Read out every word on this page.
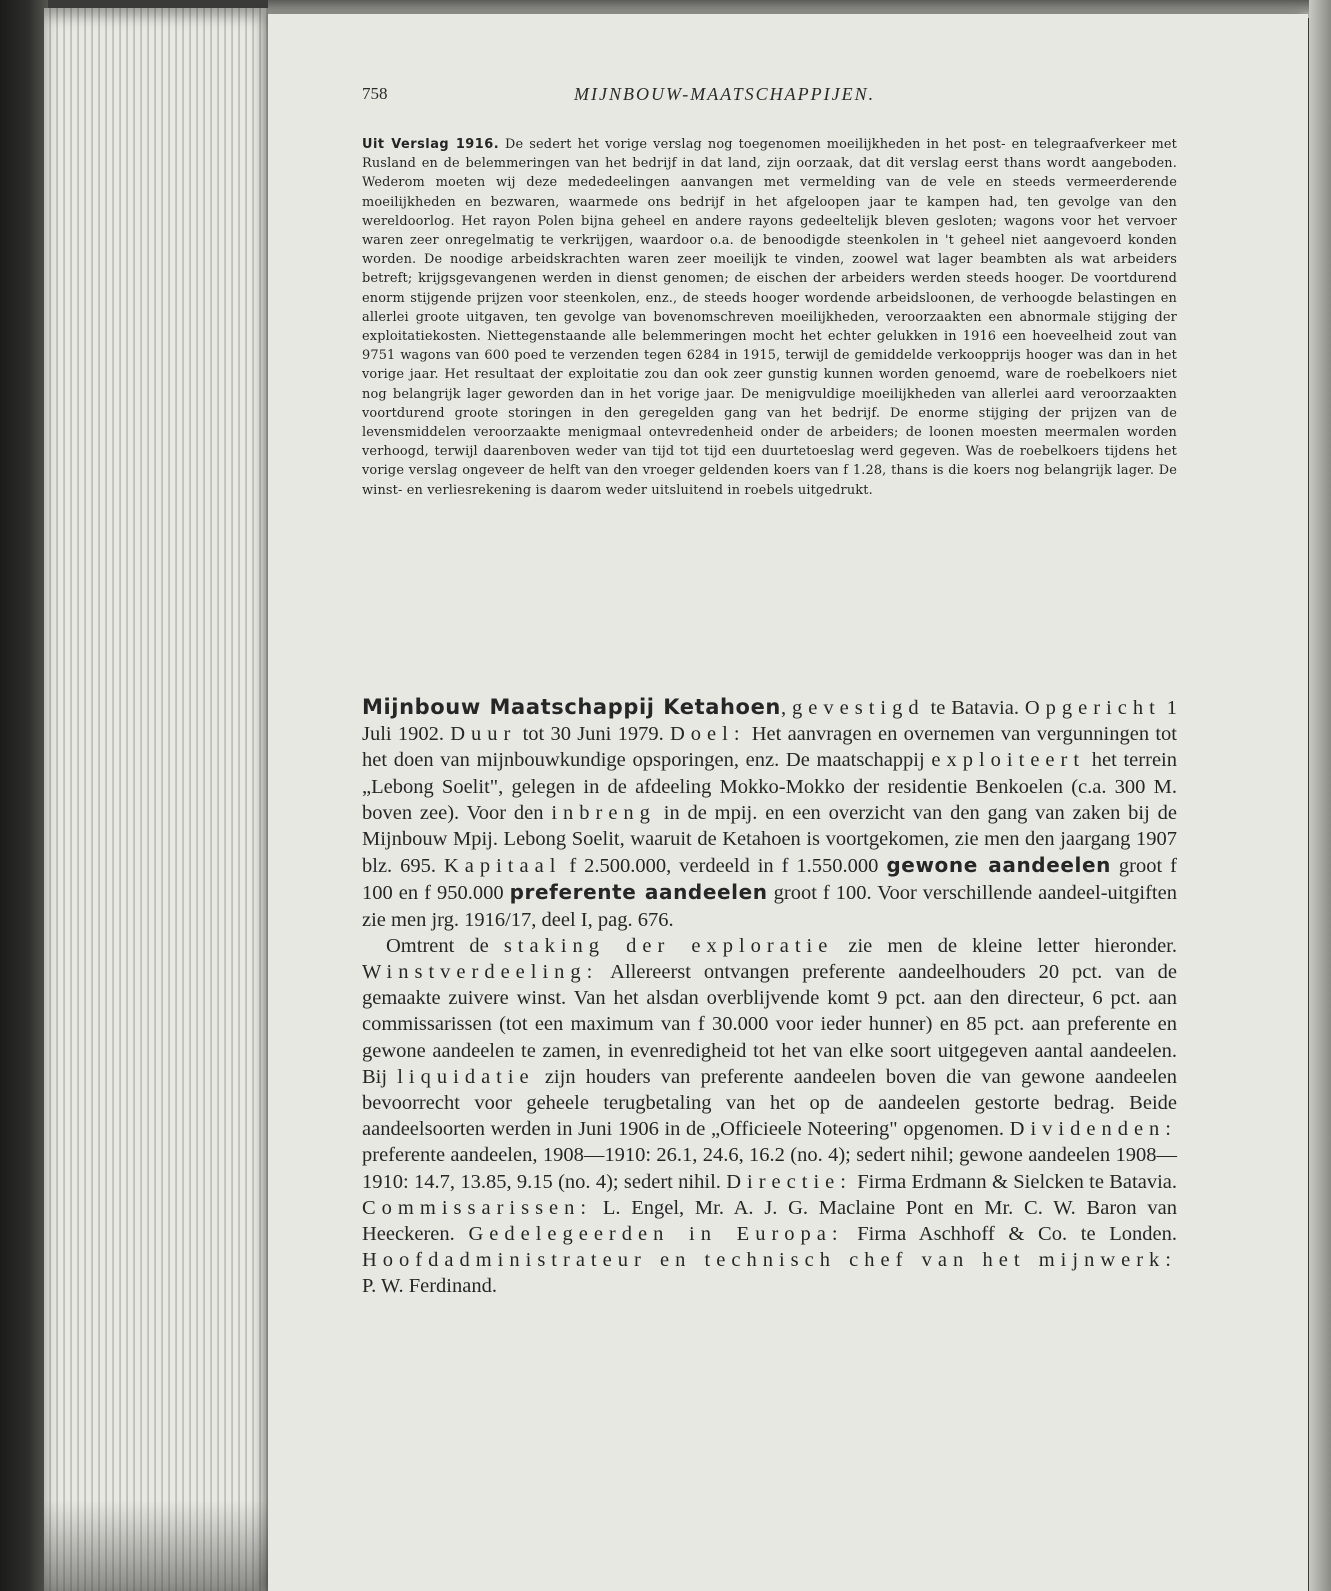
758	MIJNBOUW-MAATSCHAPPIJEN.
Uit Verslag 1916. De sedert het vorige verslag nog toegenomen moeilijkheden in het post- en telegraafverkeer met Rusland en de belemmeringen van het bedrijf in dat land, zijn oorzaak, dat dit verslag eerst thans wordt aangeboden. Wederom moeten wij deze mededeelingen aanvangen met vermelding van de vele en steeds vermeerderende moeilijkheden en bezwaren, waarmede ons bedrijf in het afgeloopen jaar te kampen had, ten gevolge van den wereldoorlog. Het rayon Polen bijna geheel en andere rayons gedeeltelijk bleven gesloten; wagons voor het vervoer waren zeer onregelmatig te verkrijgen, waardoor o.a. de benoodigde steenkolen in 't geheel niet aangevoerd konden worden. De noodige arbeidskrachten waren zeer moeilijk te vinden, zoowel wat lager beambten als wat arbeiders betreft; krijgsgevangenen werden in dienst genomen; de eischen der arbeiders werden steeds hooger. De voortdurend enorm stijgende prijzen voor steenkolen, enz., de steeds hooger wordende arbeidsloonen, de verhoogde belastingen en allerlei groote uitgaven, ten gevolge van bovenomschreven moeilijkheden, veroorzaakten een abnormale stijging der exploitatiekosten. Niettegenstaande alle belemmeringen mocht het echter gelukken in 1916 een hoeveelheid zout van 9751 wagons van 600 poed te verzenden tegen 6284 in 1915, terwijl de gemiddelde verkoopprijs hooger was dan in het vorige jaar. Het resultaat der exploitatie zou dan ook zeer gunstig kunnen worden genoemd, ware de roebelkoers niet nog belangrijk lager geworden dan in het vorige jaar. De menigvuldige moeilijkheden van allerlei aard veroorzaakten voortdurend groote storingen in den geregelden gang van het bedrijf. De enorme stijging der prijzen van de levensmiddelen veroorzaakte menigmaal ontevredenheid onder de arbeiders; de loonen moesten meermalen worden verhoogd, terwijl daarenboven weder van tijd tot tijd een duurtetoeslag werd gegeven. Was de roebelkoers tijdens het vorige verslag ongeveer de helft van den vroeger geldenden koers van f 1.28, thans is die koers nog belangrijk lager. De winst- en verliesrekening is daarom weder uitsluitend in roebels uitgedrukt.

Mijnbouw Maatschappij Ketahoen, gevestigd te Batavia. Opgericht 1 Juli 1902. Duur tot 30 Juni 1979. Doel: Het aanvragen en overnemen van vergunningen tot het doen van mijnbouwkundige opsporingen, enz. De maatschappij exploiteert het terrein „Lebong Soelit", gelegen in de afdeeling Mokko-Mokko der residentie Benkoelen (c.a. 300 M. boven zee). Voor den inbreng in de mpij. en een overzicht van den gang van zaken bij de Mijnbouw Mpij. Lebong Soelit, waaruit de Ketahoen is voortgekomen, zie men den jaargang 1907 blz. 695. Kapitaal f 2.500.000, verdeeld in f 1.550.000 gewone aandeelen groot f 100 en f 950.000 preferente aandeelen groot f 100. Voor verschillende aandeel-uitgiften zie men jrg. 1916/17, deel I, pag. 676.

Omtrent de staking der exploratie zie men de kleine letter hieronder. Winstverdeeling: Allereerst ontvangen preferente aandeelhouders 20 pct. van de gemaakte zuivere winst. Van het alsdan overblijvende komt 9 pct. aan den directeur, 6 pct. aan commissarissen (tot een maximum van f 30.000 voor ieder hunner) en 85 pct. aan preferente en gewone aandeelen te zamen, in evenredigheid tot het van elke soort uitgegeven aantal aandeelen. Bij liquidatie zijn houders van preferente aandeelen boven die van gewone aandeelen bevoorrecht voor geheele terugbetaling van het op de aandeelen gestorte bedrag. Beide aandeelsoorten werden in Juni 1906 in de „Officieele Noteering" opgenomen. Dividenden: preferente aandeelen, 1908—1910: 26.1, 24.6, 16.2 (no. 4); sedert nihil; gewone aandeelen 1908—1910: 14.7, 13.85, 9.15 (no. 4); sedert nihil. Directie: Firma Erdmann & Sielcken te Batavia. Commissarissen: L. Engel, Mr. A. J. G. Maclaine Pont en Mr. C. W. Baron van Heeckeren. Gedelegeerden in Europa: Firma Aschhoff & Co. te Londen. Hoofdadministrateur en technisch chef van het mijnwerk: P. W. Ferdinand.
